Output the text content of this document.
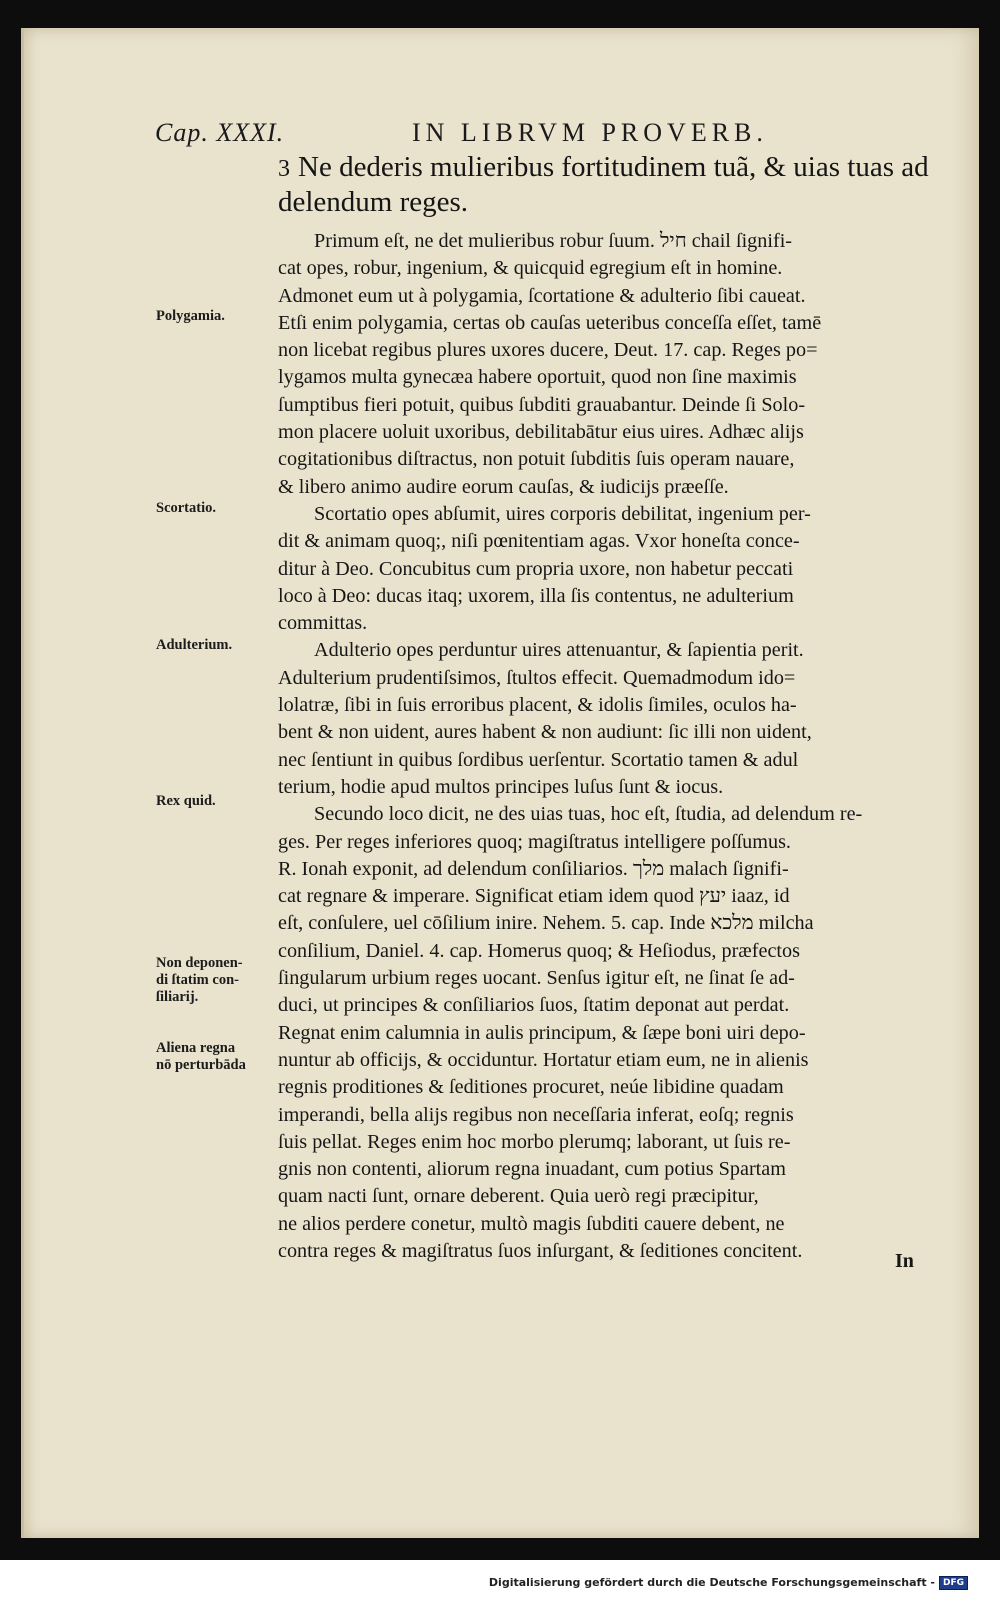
Cap. XXXI.	IN LIBRVM PROVERB.
3 Ne dederis mulieribus fortitudinem tuã, & uias tuas ad delendum reges.
Primum eſt, ne det mulieribus robur ſuum. חיל chail ſignifi-
cat opes, robur, ingenium, & quicquid egregium eſt in homine.
Admonet eum ut à polygamia, ſcortatione & adulterio ſibi caueat.
Etſi enim polygamia, certas ob cauſas ueteribus conceſſa eſſet, tamē
non licebat regibus plures uxores ducere, Deut. 17. cap. Reges po=
lygamos multa gynecæa habere oportuit, quod non ſine maximis
ſumptibus fieri potuit, quibus ſubditi grauabantur. Deinde ſi Solo-
mon placere uoluit uxoribus, debilitabātur eius uires. Adhæc alijs
cogitationibus diſtractus, non potuit ſubditis ſuis operam nauare,
& libero animo audire eorum cauſas, & iudicijs præeſſe.
Scortatio opes abſumit, uires corporis debilitat, ingenium per-
dit & animam quoq;, niſi pœnitentiam agas. Vxor honeſta conce-
ditur à Deo. Concubitus cum propria uxore, non habetur peccati
loco à Deo: ducas itaq; uxorem, illa ſis contentus, ne adulterium
committas.
Adulterio opes perduntur uires attenuantur, & ſapientia perit.
Adulterium prudentiſsimos, ſtultos effecit. Quemadmodum ido=
lolatræ, ſibi in ſuis erroribus placent, & idolis ſimiles, oculos ha-
bent & non uident, aures habent & non audiunt: ſic illi non uident,
nec ſentiunt in quibus ſordibus uerſentur. Scortatio tamen & adul
terium, hodie apud multos principes luſus ſunt & iocus.
Secundo loco dicit, ne des uias tuas, hoc eſt, ſtudia, ad delendum re-
ges. Per reges inferiores quoq; magiſtratus intelligere poſſumus.
R. Ionah exponit, ad delendum conſiliarios. מלך malach ſignifi-
cat regnare & imperare. Significat etiam idem quod יעץ iaaz, id
eſt, conſulere, uel cōſilium inire. Nehem. 5. cap. Inde מלכא milcha
conſilium, Daniel. 4. cap. Homerus quoq; & Heſiodus, præfectos
ſingularum urbium reges uocant. Senſus igitur eſt, ne ſinat ſe ad-
duci, ut principes & conſiliarios ſuos, ſtatim deponat aut perdat.
Regnat enim calumnia in aulis principum, & ſæpe boni uiri depo-
nuntur ab officijs, & occiduntur. Hortatur etiam eum, ne in alienis
regnis proditiones & ſeditiones procuret, neúe libidine quadam
imperandi, bella alijs regibus non neceſſaria inferat, eoſq; regnis
ſuis pellat. Reges enim hoc morbo plerumq; laborant, ut ſuis re-
gnis non contenti, aliorum regna inuadant, cum potius Spartam
quam nacti ſunt, ornare deberent. Quia uerò regi præcipitur,
ne alios perdere conetur, multò magis ſubditi cauere debent, ne
contra reges & magiſtratus ſuos inſurgant, & ſeditiones concitent.
Polygamia.
Scortatio.
Adulterium.
Rex quid.
Non deponen-
di ſtatim con-
ſiliarij.
Aliena regna
nō perturbāda
In
Digitalisierung gefördert durch die Deutsche Forschungsgemeinschaft - DFG
